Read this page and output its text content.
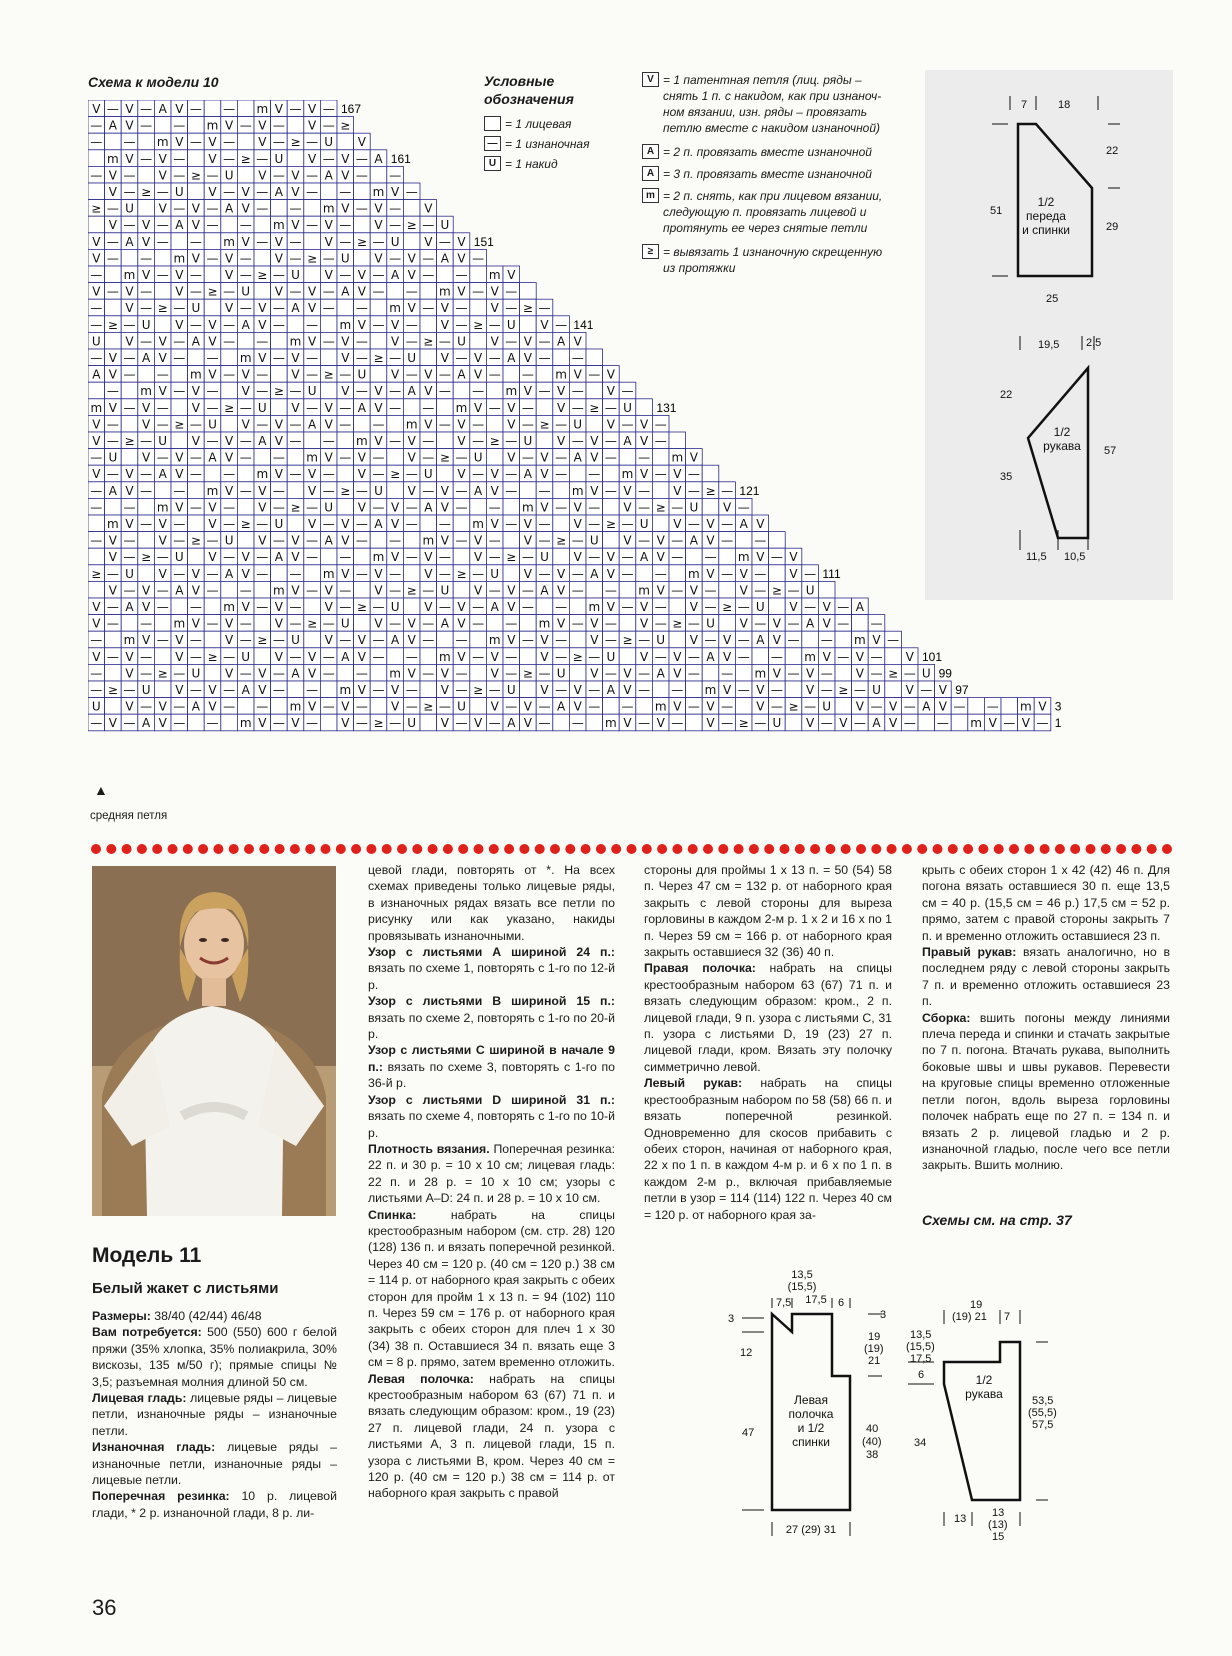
Схема к модели 10
V — V — A V — — m V — V —
— A V — — m V — V — V — ≥
— — m V — V — V — ≥ — U V
m V — V — V — ≥ — U V — V — A
— V — V — ≥ — U V — V — A V — —
V — ≥ — U V — V — A V — — m V —
≥ — U V — V — A V — — m V — V — V
V — V — A V — — m V — V — V — ≥ — U
V — A V — — m V — V — V — ≥ — U V — V
V — — m V — V — V — ≥ — U V — V — A V —
— m V — V — V — ≥ — U V — V — A V — — m V
V — V — V — ≥ — U V — V — A V — — m V — V —
— V — ≥ — U V — V — A V — — m V — V — V — ≥ —
— ≥ — U V — V — A V — — m V — V — V — ≥ — U V —
U V — V — A V — — m V — V — V — ≥ — U V — V — A V
— V — A V — — m V — V — V — ≥ — U V — V — A V — —
A V — — m V — V — V — ≥ — U V — V — A V — — m V — V
— m V — V — V — ≥ — U V — V — A V — — m V — V — V —
m V — V — V — ≥ — U V — V — A V — — m V — V — V — ≥ — U
V — V — ≥ — U V — V — A V — — m V — V — V — ≥ — U V — V —
V — ≥ — U V — V — A V — — m V — V — V — ≥ — U V — V — A V —
— U V — V — A V — — m V — V — V — ≥ — U V — V — A V — — m V
V — V — A V — — m V — V — V — ≥ — U V — V — A V — — m V — V —
— A V — — m V — V — V — ≥ — U V — V — A V — — m V — V — V — ≥ —
— — m V — V — V — ≥ — U V — V — A V — — m V — V — V — ≥ — U V —
m V — V — V — ≥ — U V — V — A V — — m V — V — V — ≥ — U V — V — A V
— V — V — ≥ — U V — V — A V — — m V — V — V — ≥ — U V — V — A V — —
V — ≥ — U V — V — A V — — m V — V — V — ≥ — U V — V — A V — — m V — V
≥ — U V — V — A V — — m V — V — V — ≥ — U V — V — A V — — m V — V — V —
V — V — A V — — m V — V — V — ≥ — U V — V — A V — — m V — V — V — ≥ — U
V — A V — — m V — V — V — ≥ — U V — V — A V — — m V — V — V — ≥ — U V — V — A
V — — m V — V — V — ≥ — U V — V — A V — — m V — V — V — ≥ — U V — V — A V — —
— m V — V — V — ≥ — U V — V — A V — — m V — V — V — ≥ — U V — V — A V — — m V —
V — V — V — ≥ — U V — V — A V — — m V — V — V — ≥ — U V — V — A V — — m V — V — V
— V — ≥ — U V — V — A V — — m V — V — V — ≥ — U V — V — A V — — m V — V — V — ≥ — U
— ≥ — U V — V — A V — — m V — V — V — ≥ — U V — V — A V — — m V — V — V — ≥ — U V — V
U V — V — A V — — m V — V — V — ≥ — U V — V — A V — — m V — V — V — ≥ — U V — V — A V — — m V
— V — A V — — m V — V — V — ≥ — U V — V — A V — — m V — V — V — ≥ — U V — V — A V — — m V — V —
167
161
151
141
131
121
111
101
99
97
3
1
▲
средняя петля
Условные
обозначения
= 1 лицевая
— = 1 изнаночная
U = 1 накид
V = 1 патентная петля (лиц. ряды –
снять 1 п. с накидом, как при изнаноч-
ном вязании, изн. ряды – провязать
петлю вместе с накидом изнаночной)
A = 2 п. провязать вместе изнаночной
A = 3 п. провязать вместе изнаночной
m = 2 п. снять, как при лицевом вязании,
следующую п. провязать лицевой и
протянуть ее через снятые петли
≥ = вывязать 1 изнаночную скрещенную
из протяжки
7	18
22
51
29
25
1/2
переда
и спинки
19,5 2,5
22
57
35
11,5 10,5
1/2
рукава
Модель 11
Белый жакет с листьями

Размеры: 38/40 (42/44) 46/48

Вам потребуется: 500 (550) 600 г белой пряжи (35% хлопка, 35% полиакрила, 30% вискозы, 135 м/50 г); прямые спицы № 3,5; разъемная молния длиной 50 см.

Лицевая гладь: лицевые ряды – лицевые петли, изнаночные ряды – изнаночные петли.

Изнаночная гладь: лицевые ряды – изнаночные петли, изнаночные ряды – лицевые петли.

Поперечная резинка: 10 р. лицевой глади, * 2 р. изнаночной глади, 8 р. ли-

цевой глади, повторять от *. На всех схемах приведены только лицевые ряды, в изнаночных рядах вязать все петли по рисунку или как указано, накиды провязывать изнаночными.

Узор с листьями А шириной 24 п.: вязать по схеме 1, повторять с 1-го по 12-й р.

Узор с листьями В шириной 15 п.: вязать по схеме 2, повторять с 1-го по 20-й р.

Узор с листьями С шириной в начале 9 п.: вязать по схеме 3, повторять с 1-го по 36-й р.

Узор с листьями D шириной 31 п.: вязать по схеме 4, повторять с 1-го по 10-й р.

Плотность вязания. Поперечная резинка: 22 п. и 30 р. = 10 x 10 см; лицевая гладь: 22 п. и 28 р. = 10 x 10 см; узоры с листьями А–D: 24 п. и 28 р. = 10 x 10 см.

Спинка: набрать на спицы крестообразным набором (см. стр. 28) 120 (128) 136 п. и вязать поперечной резинкой. Через 40 см = 120 р. (40 см = 120 р.) 38 см = 114 р. от наборного края закрыть с обеих сторон для пройм 1 x 13 п. = 94 (102) 110 п. Через 59 см = 176 р. от наборного края закрыть с обеих сторон для плеч 1 x 30 (34) 38 п. Оставшиеся 34 п. вязать еще 3 см = 8 р. прямо, затем временно отложить.

Левая полочка: набрать на спицы крестообразным набором 63 (67) 71 п. и вязать следующим образом: кром., 19 (23) 27 п. лицевой глади, 24 п. узора с листьями А, 3 п. лицевой глади, 15 п. узора с листьями В, кром. Через 40 см = 120 р. (40 см = 120 р.) 38 см = 114 р. от наборного края закрыть с правой

стороны для проймы 1 x 13 п. = 50 (54) 58 п. Через 47 см = 132 р. от наборного края закрыть с левой стороны для выреза горловины в каждом 2-м р. 1 x 2 и 16 x по 1 п. Через 59 см = 166 р. от наборного края закрыть оставшиеся 32 (36) 40 п.

Правая полочка: набрать на спицы крестообразным набором 63 (67) 71 п. и вязать следующим образом: кром., 2 п. лицевой глади, 9 п. узора с листьями С, 31 п. узора с листьями D, 19 (23) 27 п. лицевой глади, кром. Вязать эту полочку симметрично левой.

Левый рукав: набрать на спицы крестообразным набором по 58 (58) 66 п. и вязать поперечной резинкой. Одновременно для скосов прибавить с обеих сторон, начиная от наборного края, 22 x по 1 п. в каждом 4-м р. и 6 x по 1 п. в каждом 2-м р., включая прибавляемые петли в узор = 114 (114) 122 п. Через 40 см = 120 р. от наборного края за-

крыть с обеих сторон 1 x 42 (42) 46 п. Для погона вязать оставшиеся 30 п. еще 13,5 см = 40 р. (15,5 см = 46 р.) 17,5 см = 52 р. прямо, затем с правой стороны закрыть 7 п. и временно отложить оставшиеся 23 п.

Правый рукав: вязать аналогично, но в последнем ряду с левой стороны закрыть 7 п. и временно отложить оставшиеся 23 п.

Сборка: вшить погоны между линиями плеча переда и спинки и стачать закрытые по 7 п. погона. Втачать рукава, выполнить боковые швы и швы рукавов. Перевести на круговые спицы временно отложенные петли погон, вдоль выреза горловины полочек набрать еще по 27 п. = 134 п. и вязать 2 р. лицевой гладью и 2 р. изнаночной гладью, после чего все петли закрыть. Вшить молнию.

Схемы см. на стр. 37
13,5
(15,5)
17,5
7,5	6
3
12
47
3
19
(19)
21
40
(40)
38
27 (29) 31
Левая
полочка
и 1/2
спинки
19
(19) 21 7
13,5
(15,5)
17,5
6
34
53,5
(55,5)
57,5
13 13
(13)
15
1/2
рукава
36
